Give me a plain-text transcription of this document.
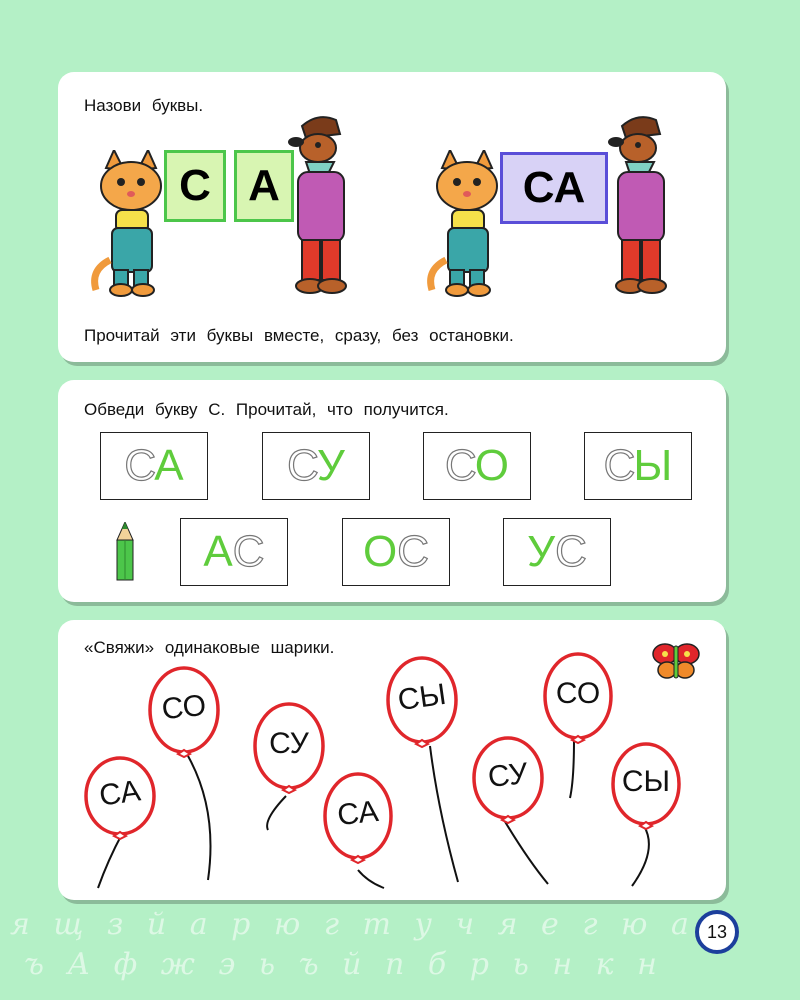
Назови буквы.
С А	СА
Прочитай эти буквы вместе, сразу, без остановки.
Обведи букву С. Прочитай, что получится.
С А С У С О С Ы
А С О С У С
«Свяжи» одинаковые шарики.
СА
СО
СУ
СА
СЫ
СУ
СО
СЫ
я щ з й а р ю г т у ч я е г ю а
ъ А ф ж э ь ъ й п б р ь н к н
13
